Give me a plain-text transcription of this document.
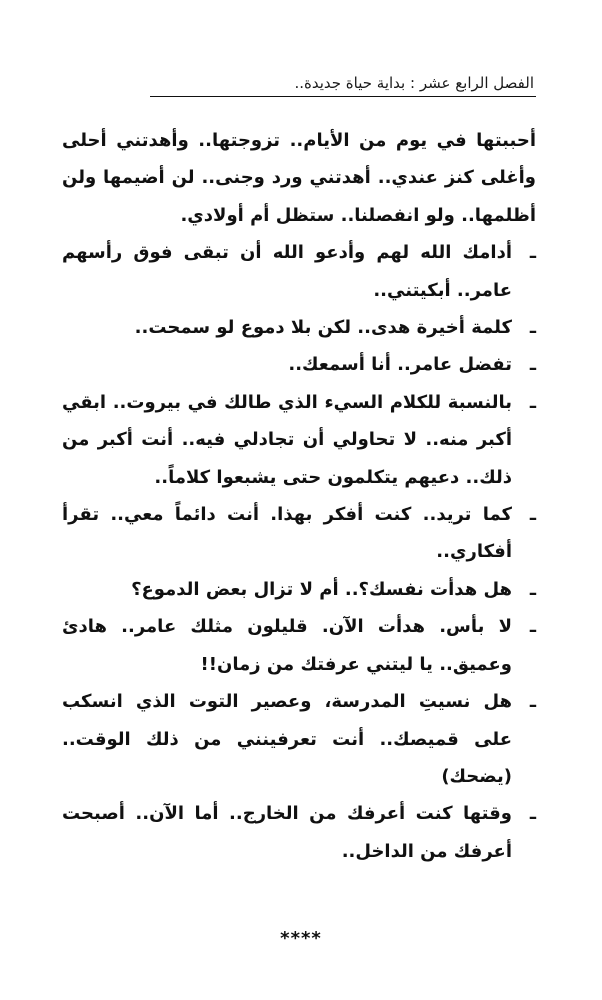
الفصل الرابع عشر : بداية حياة جديدة..

أحببتها في يوم من الأيام.. تزوجتها.. وأهدتني أحلى وأغلى كنز عندي.. أهدتني ورد وجنى.. لن أضيمها ولن أظلمها.. ولو انفصلنا.. ستظل أم أولادي.

ـ
أدامك الله لهم وأدعو الله أن تبقى فوق رأسهم عامر.. أبكيتني..

ـ
كلمة أخيرة هدى.. لكن بلا دموع لو سمحت..

ـ
تفضل عامر.. أنا أسمعك..

ـ
بالنسبة للكلام السيء الذي طالك في بيروت.. ابقي أكبر منه.. لا تحاولي أن تجادلي فيه.. أنت أكبر من ذلك.. دعيهم يتكلمون حتى يشبعوا كلاماً..

ـ
كما تريد.. كنت أفكر بهذا. أنت دائماً معي.. تقرأ أفكاري..

ـ
هل هدأت نفسك؟.. أم لا تزال بعض الدموع؟

ـ
لا بأس. هدأت الآن. قليلون مثلك عامر.. هادئ وعميق.. يا ليتني عرفتك من زمان!!

ـ
هل نسيتِ المدرسة، وعصير التوت الذي انسكب على قميصك.. أنت تعرفينني من ذلك الوقت.. (يضحك)

ـ
وقتها كنت أعرفك من الخارج.. أما الآن.. أصبحت أعرفك من الداخل..

****
